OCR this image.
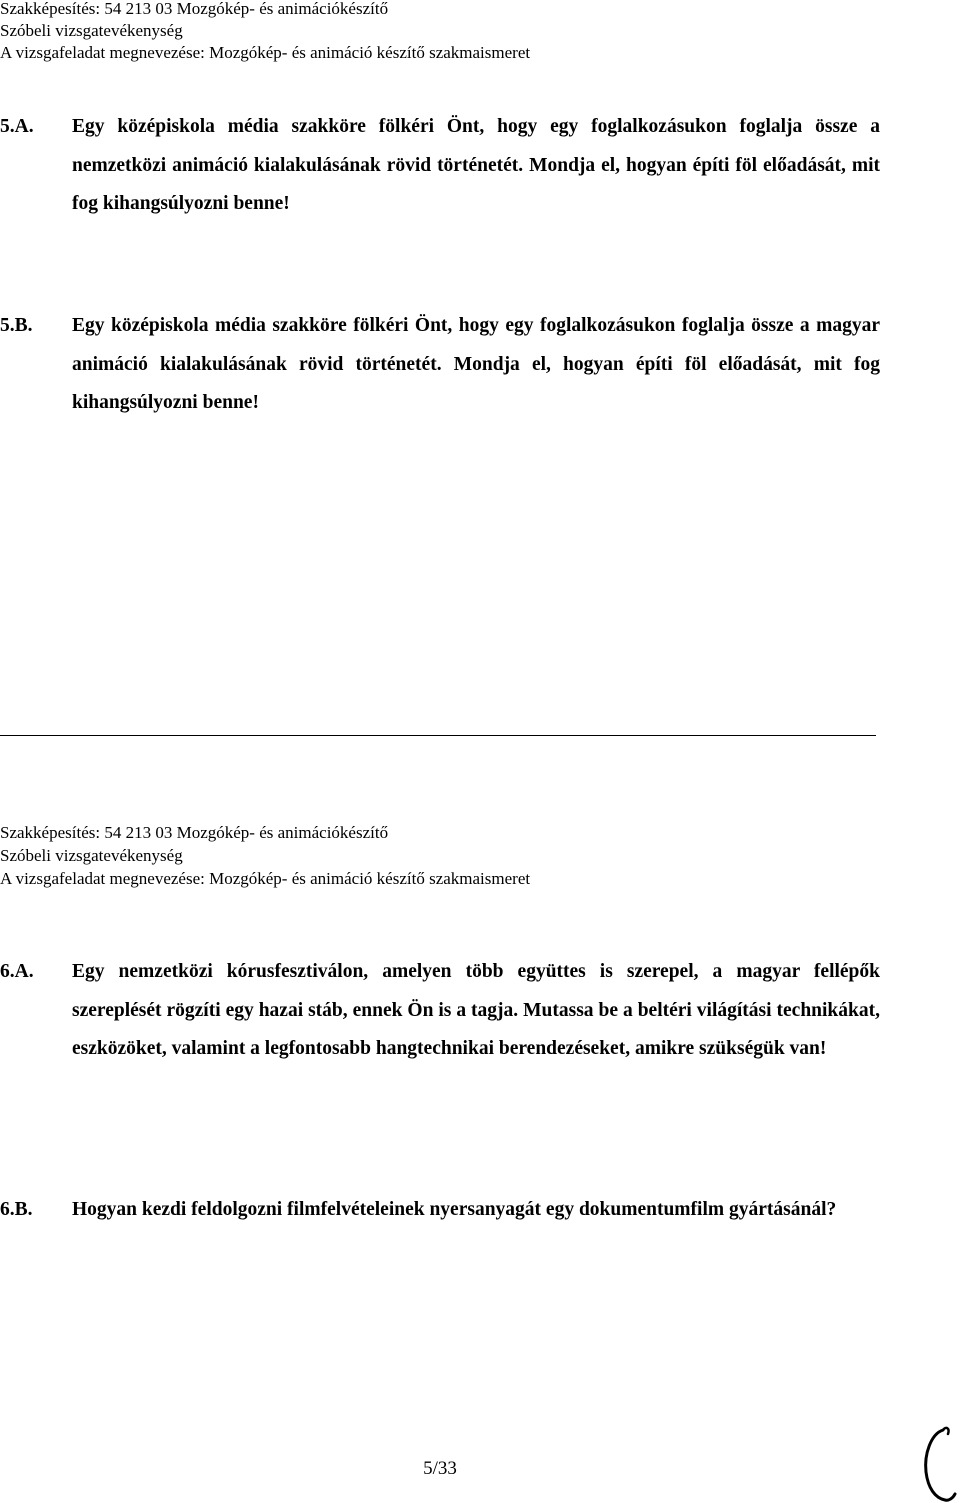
Szakképesítés: 54 213 03 Mozgókép- és animációkészítő
Szóbeli vizsgatevékenység
A vizsgafeladat megnevezése: Mozgókép- és animáció készítő szakmaismeret
5.A. Egy középiskola média szakköre fölkéri Önt, hogy egy foglalkozásukon foglalja össze a nemzetközi animáció kialakulásának rövid történetét. Mondja el, hogyan építi föl előadását, mit fog kihangsúlyozni benne!
5.B. Egy középiskola média szakköre fölkéri Önt, hogy egy foglalkozásukon foglalja össze a magyar animáció kialakulásának rövid történetét. Mondja el, hogyan építi föl előadását, mit fog kihangsúlyozni benne!
Szakképesítés: 54 213 03 Mozgókép- és animációkészítő
Szóbeli vizsgatevékenység
A vizsgafeladat megnevezése: Mozgókép- és animáció készítő szakmaismeret
6.A. Egy nemzetközi kórusfesztiválon, amelyen több együttes is szerepel, a magyar fellépők szereplését rögzíti egy hazai stáb, ennek Ön is a tagja. Mutassa be a beltéri világítási technikákat, eszközöket, valamint a legfontosabb hangtechnikai berendezéseket, amikre szükségük van!
6.B. Hogyan kezdi feldolgozni filmfelvételeinek nyersanyagát egy dokumentumfilm gyártásánál?
5/33
